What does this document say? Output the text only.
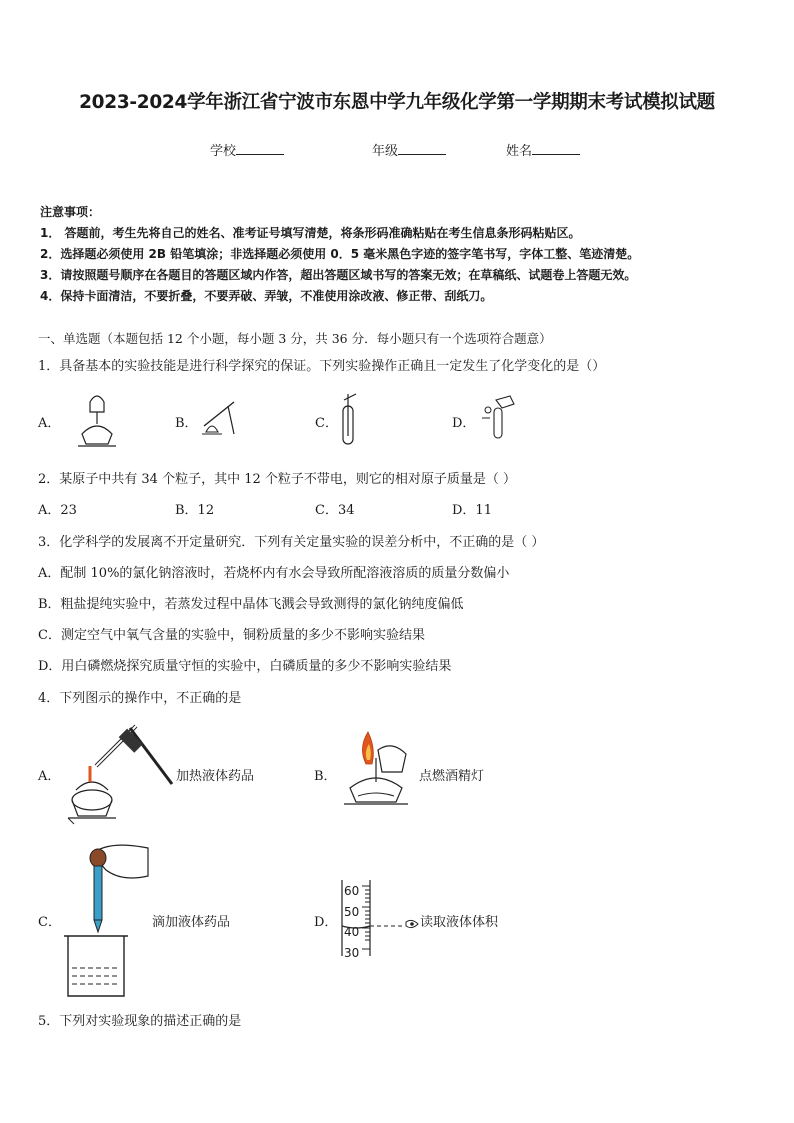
2023-2024学年浙江省宁波市东恩中学九年级化学第一学期期末考试模拟试题
学校	年级	姓名
注意事项：
1． 答题前，考生先将自己的姓名、准考证号填写清楚，将条形码准确粘贴在考生信息条形码粘贴区。
2．选择题必须使用 2B 铅笔填涂；非选择题必须使用 0．5 毫米黑色字迹的签字笔书写，字体工整、笔迹清楚。
3．请按照题号顺序在各题目的答题区域内作答，超出答题区域书写的答案无效；在草稿纸、试题卷上答题无效。
4．保持卡面清洁，不要折叠，不要弄破、弄皱，不准使用涂改液、修正带、刮纸刀。
一、单选题（本题包括 12 个小题，每小题 3 分，共 36 分．每小题只有一个选项符合题意）
1．具备基本的实验技能是进行科学探究的保证。下列实验操作正确且一定发生了化学变化的是（）
A．	B．	C．	D．
2．某原子中共有 34 个粒子，其中 12 个粒子不带电，则它的相对原子质量是（ ）
A．23	B．12	C．34	D．11
3．化学科学的发展离不开定量研究．下列有关定量实验的误差分析中，不正确的是（ ）
A．配制 10%的氯化钠溶液时，若烧杯内有水会导致所配溶液溶质的质量分数偏小
B．粗盐提纯实验中，若蒸发过程中晶体飞溅会导致测得的氯化钠纯度偏低
C．测定空气中氧气含量的实验中，铜粉质量的多少不影响实验结果
D．用白磷燃烧探究质量守恒的实验中，白磷质量的多少不影响实验结果
4．下列图示的操作中，不正确的是
A．	加热液体药品	B．	点燃酒精灯
C．	滴加液体药品	D．
60
50
40
30
读取液体体积
5．下列对实验现象的描述正确的是
